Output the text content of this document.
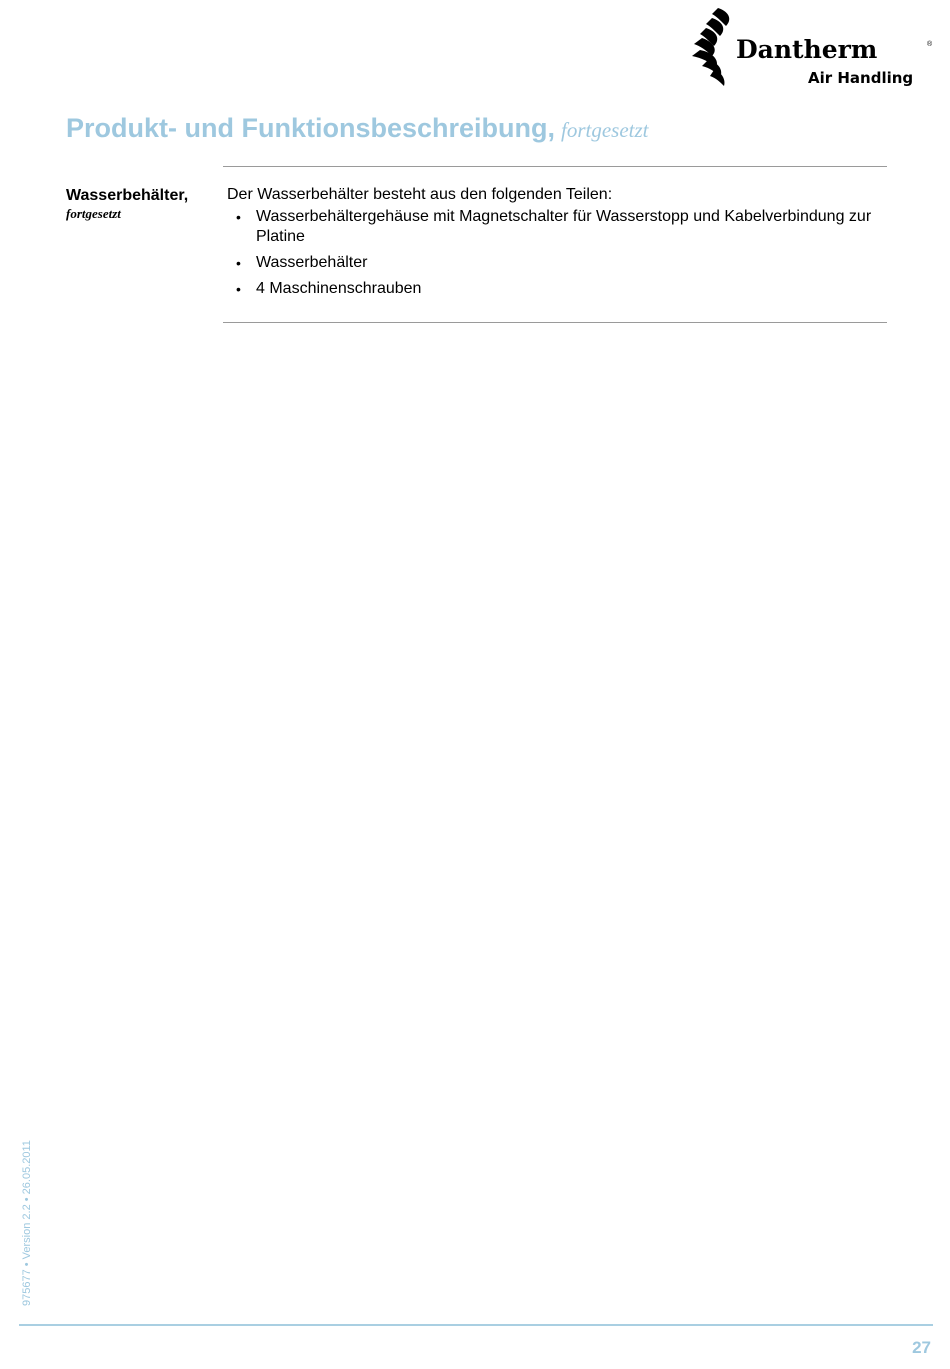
Dantherm	®
Air Handling
Produkt- und Funktionsbeschreibung, fortgesetzt
Wasserbehälter,
fortgesetzt

Der Wasserbehälter besteht aus den folgenden Teilen:

• Wasserbehältergehäuse mit Magnetschalter für Wasserstopp und Kabelverbindung zur Platine
• Wasserbehälter
• 4 Maschinenschrauben
975677 • Version 2.2 • 26.05.2011
27
